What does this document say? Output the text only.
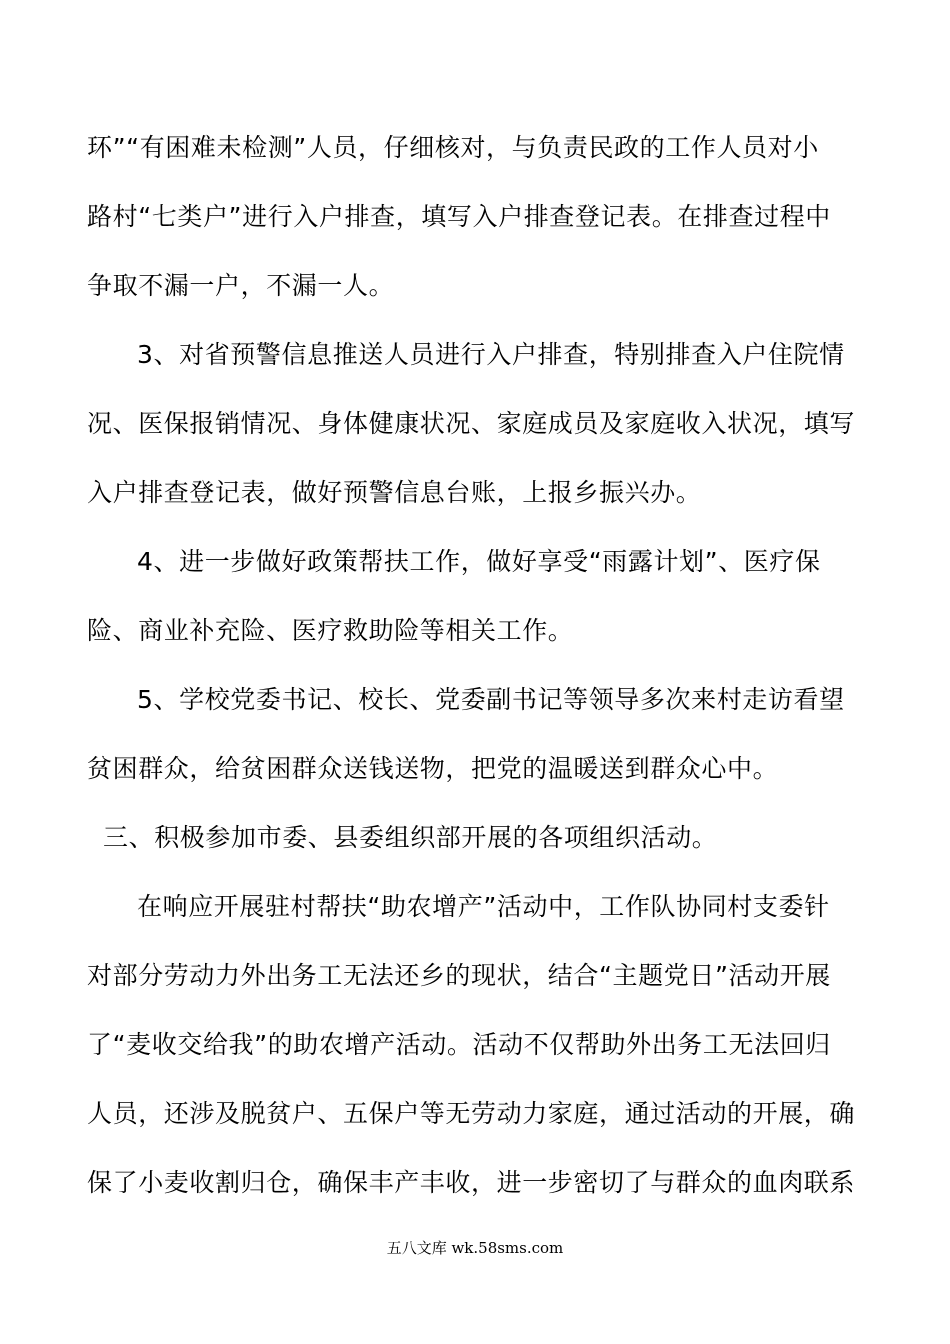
环”“有困难未检测”人员，仔细核对，与负责民政的工作人员对小
路村“七类户”进行入户排查，填写入户排查登记表。在排查过程中
争取不漏一户，不漏一人。
3、对省预警信息推送人员进行入户排查，特别排查入户住院情
况、医保报销情况、身体健康状况、家庭成员及家庭收入状况，填写
入户排查登记表，做好预警信息台账，上报乡振兴办。
4、进一步做好政策帮扶工作，做好享受“雨露计划”、医疗保
险、商业补充险、医疗救助险等相关工作。
5、学校党委书记、校长、党委副书记等领导多次来村走访看望
贫困群众，给贫困群众送钱送物，把党的温暖送到群众心中。
三、积极参加市委、县委组织部开展的各项组织活动。
在响应开展驻村帮扶“助农增产”活动中，工作队协同村支委针
对部分劳动力外出务工无法还乡的现状，结合“主题党日”活动开展
了“麦收交给我”的助农增产活动。活动不仅帮助外出务工无法回归
人员，还涉及脱贫户、五保户等无劳动力家庭，通过活动的开展，确
保了小麦收割归仓，确保丰产丰收，进一步密切了与群众的血肉联系
五八文库 wk.58sms.com
